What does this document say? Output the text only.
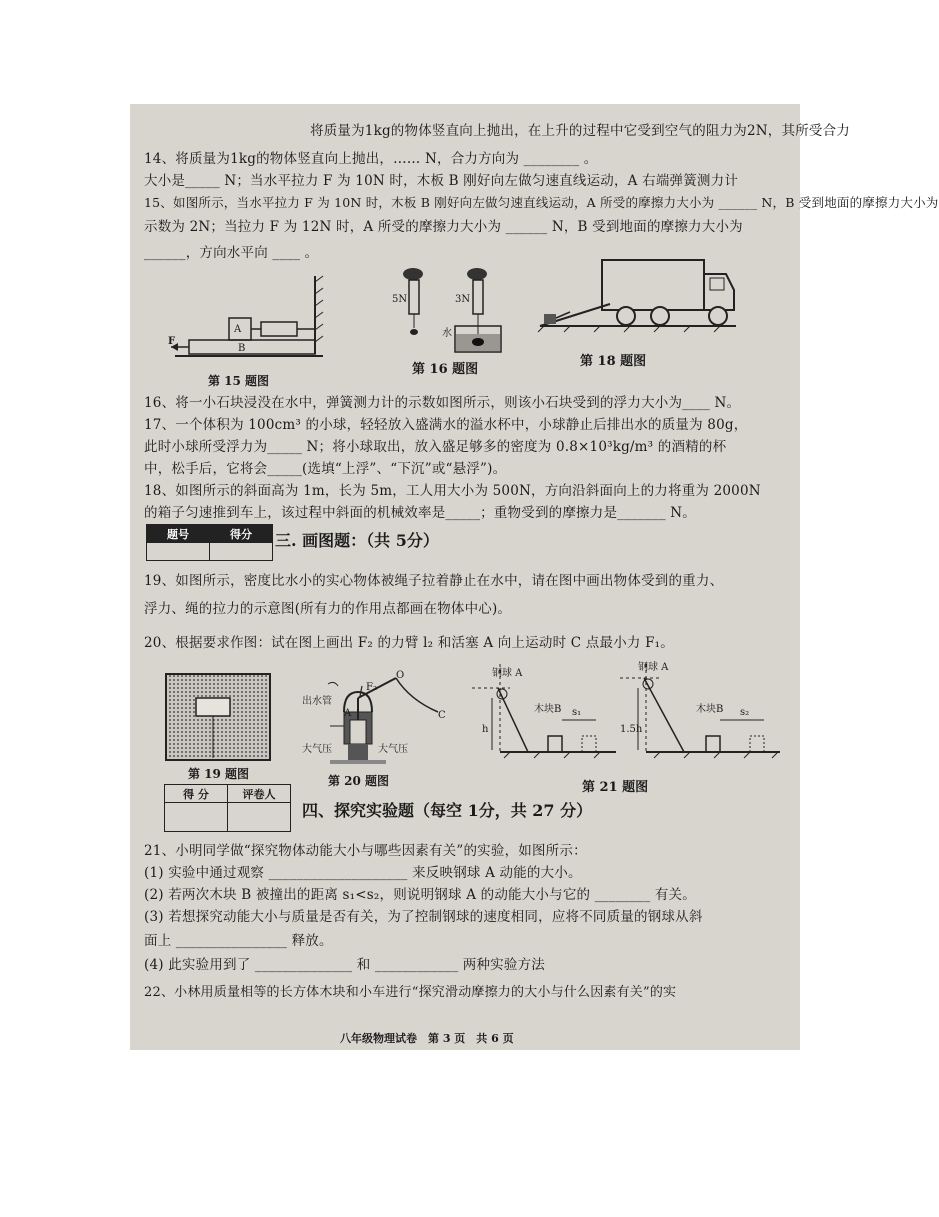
将质量为1kg的物体竖直向上抛出，在上升的过程中它受到空气的阻力为2N，其所受合力
14、将质量为1kg的物体竖直向上抛出，…… N，合力方向为 ________ 。
大小是_____ N；当水平拉力 F 为 10N 时，木板 B 刚好向左做匀速直线运动，A 右端弹簧测力计
15、如图所示，当水平拉力 F 为 10N 时，木板 B 刚好向左做匀速直线运动，A 所受的摩擦力大小为 ______ N，B 受到地面的摩擦力大小为
示数为 2N；当拉力 F 为 12N 时，A 所受的摩擦力大小为 ______ N，B 受到地面的摩擦力大小为
______，方向水平向 ____ 。
F
A
B
第 15 题图
5N	3N
水
第 16 题图
第 18 题图
16、将一小石块浸没在水中，弹簧测力计的示数如图所示，则该小石块受到的浮力大小为____ N。
17、一个体积为 100cm³ 的小球，轻轻放入盛满水的溢水杯中，小球静止后排出水的质量为 80g，
此时小球所受浮力为_____ N；将小球取出，放入盛足够多的密度为 0.8×10³kg/m³ 的酒精的杯
中，松手后，它将会_____(选填“上浮”、“下沉”或“悬浮”)。
18、如图所示的斜面高为 1m，长为 5m，工人用大小为 500N，方向沿斜面向上的力将重为 2000N
的箱子匀速推到车上，该过程中斜面的机械效率是_____；重物受到的摩擦力是_______ N。
题号	得分
	三. 画图题：（共 5分）
19、如图所示，密度比水小的实心物体被绳子拉着静止在水中，请在图中画出物体受到的重力、
浮力、绳的拉力的示意图(所有力的作用点都画在物体中心)。
20、根据要求作图：试在图上画出 F₂ 的力臂 l₂ 和活塞 A 向上运动时 C 点最小力 F₁。
第 19 题图
出水管
O
F₂
A	C
大气压	大气压
第 20 题图
钢球 A
钢球 A
木块B	木块B
h	1.5h
s₁	s₂
第 21 题图
得 分	评卷人

四、探究实验题（每空 1分，共 27 分）
21、小明同学做“探究物体动能大小与哪些因素有关”的实验，如图所示：
(1) 实验中通过观察 ____________________ 来反映钢球 A 动能的大小。
(2) 若两次木块 B 被撞出的距离 s₁<s₂，则说明钢球 A 的动能大小与它的 ________ 有关。
(3) 若想探究动能大小与质量是否有关，为了控制钢球的速度相同，应将不同质量的钢球从斜
面上 ________________ 释放。
(4) 此实验用到了 ______________ 和 ____________ 两种实验方法
22、小林用质量相等的长方体木块和小车进行“探究滑动摩擦力的大小与什么因素有关”的实
八年级物理试卷　第 3 页　共 6 页
